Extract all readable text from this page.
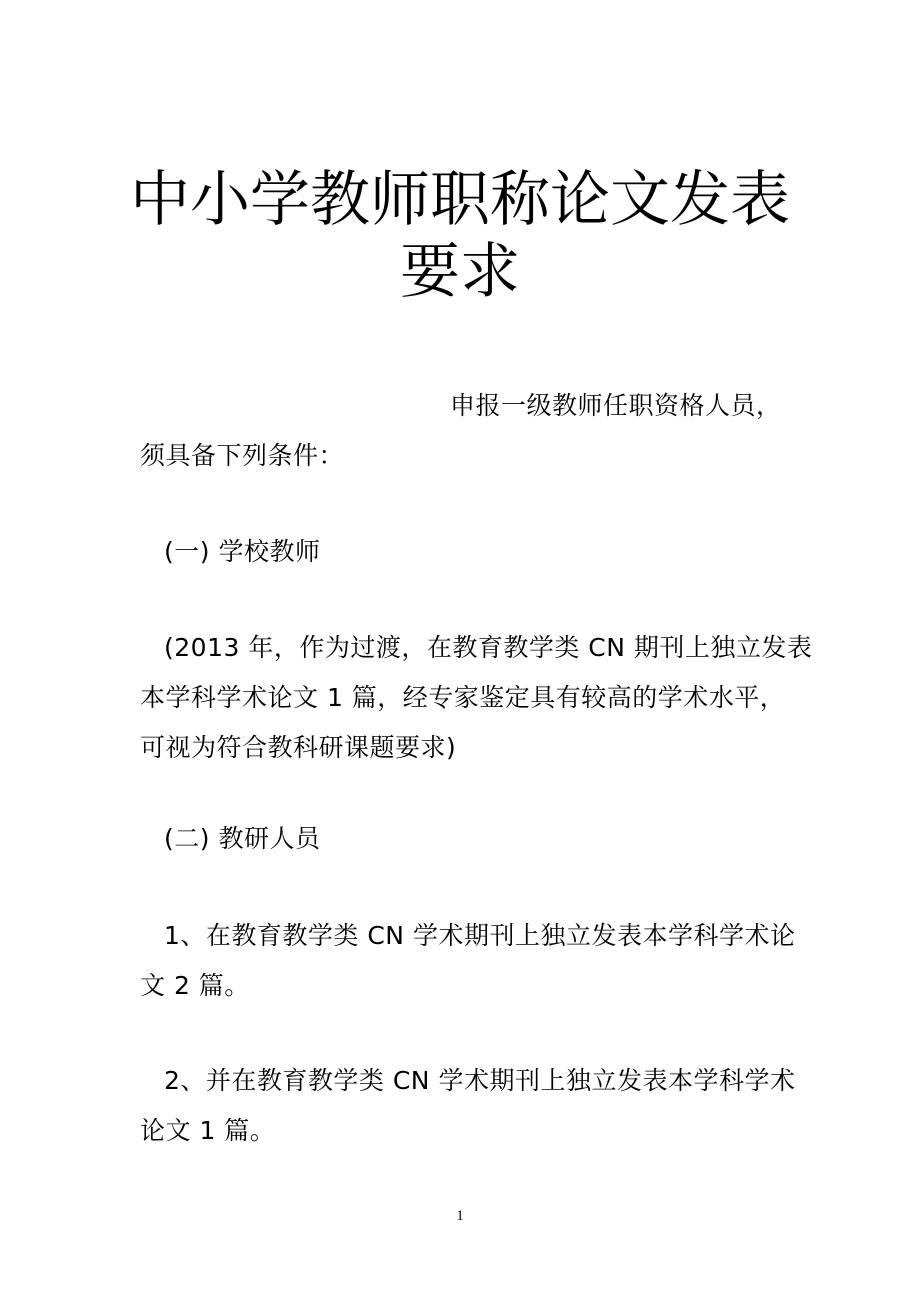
中小学教师职称论文发表
要求
申报一级教师任职资格人员，
须具备下列条件：
(一) 学校教师
(2013 年，作为过渡，在教育教学类 CN 期刊上独立发表
本学科学术论文 1 篇，经专家鉴定具有较高的学术水平，
可视为符合教科研课题要求)
(二) 教研人员
1、在教育教学类 CN 学术期刊上独立发表本学科学术论
文 2 篇。
2、并在教育教学类 CN 学术期刊上独立发表本学科学术
论文 1 篇。
1
